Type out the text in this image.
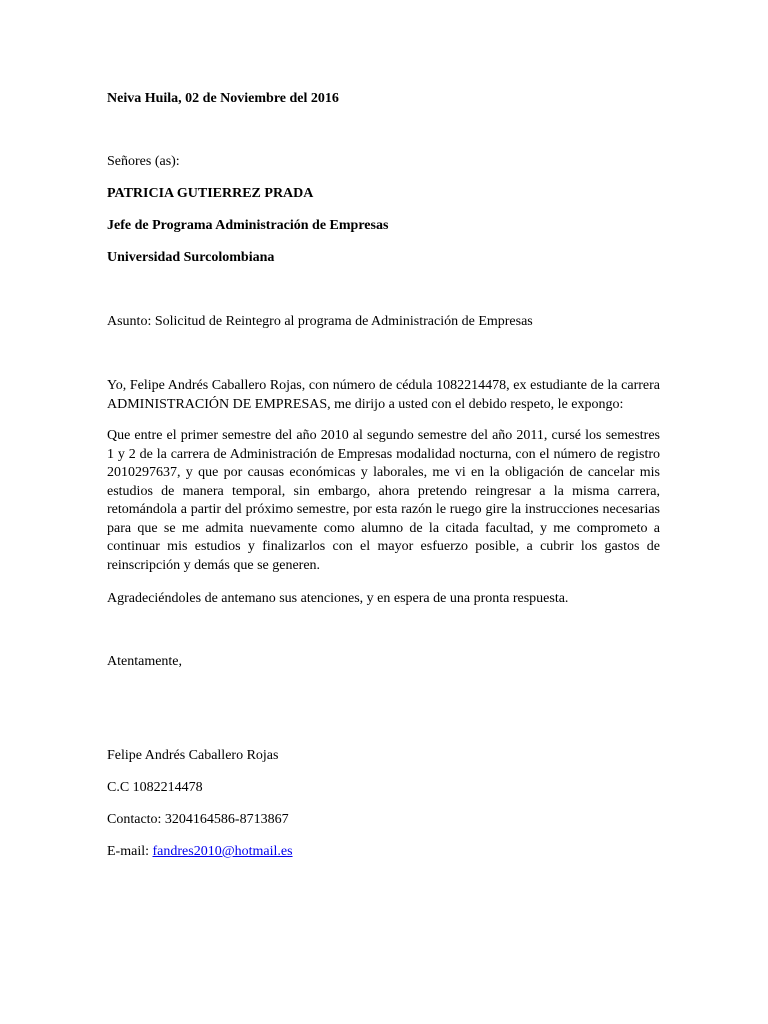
Neiva Huila, 02 de Noviembre del 2016
Señores (as):
PATRICIA GUTIERREZ PRADA
Jefe de Programa Administración de Empresas
Universidad Surcolombiana
Asunto: Solicitud de Reintegro al programa de Administración de Empresas
Yo, Felipe Andrés Caballero Rojas, con número de cédula 1082214478, ex estudiante de la carrera ADMINISTRACIÓN DE EMPRESAS, me dirijo a usted con el debido respeto, le expongo:
Que entre el primer semestre del año 2010 al segundo semestre del año 2011, cursé los semestres 1 y 2 de la carrera de Administración de Empresas modalidad nocturna, con el número de registro 2010297637, y que por causas económicas y laborales, me vi en la obligación de cancelar mis estudios de manera temporal, sin embargo, ahora pretendo reingresar a la misma carrera, retomándola a partir del próximo semestre, por esta razón le ruego gire la instrucciones necesarias para que se me admita nuevamente como alumno de la citada facultad, y me comprometo a continuar mis estudios y finalizarlos con el mayor esfuerzo posible, a cubrir los gastos de reinscripción y demás que se generen.
Agradeciéndoles de antemano sus atenciones, y en espera de una pronta respuesta.
Atentamente,
Felipe Andrés Caballero Rojas
C.C 1082214478
Contacto: 3204164586-8713867
E-mail: fandres2010@hotmail.es
